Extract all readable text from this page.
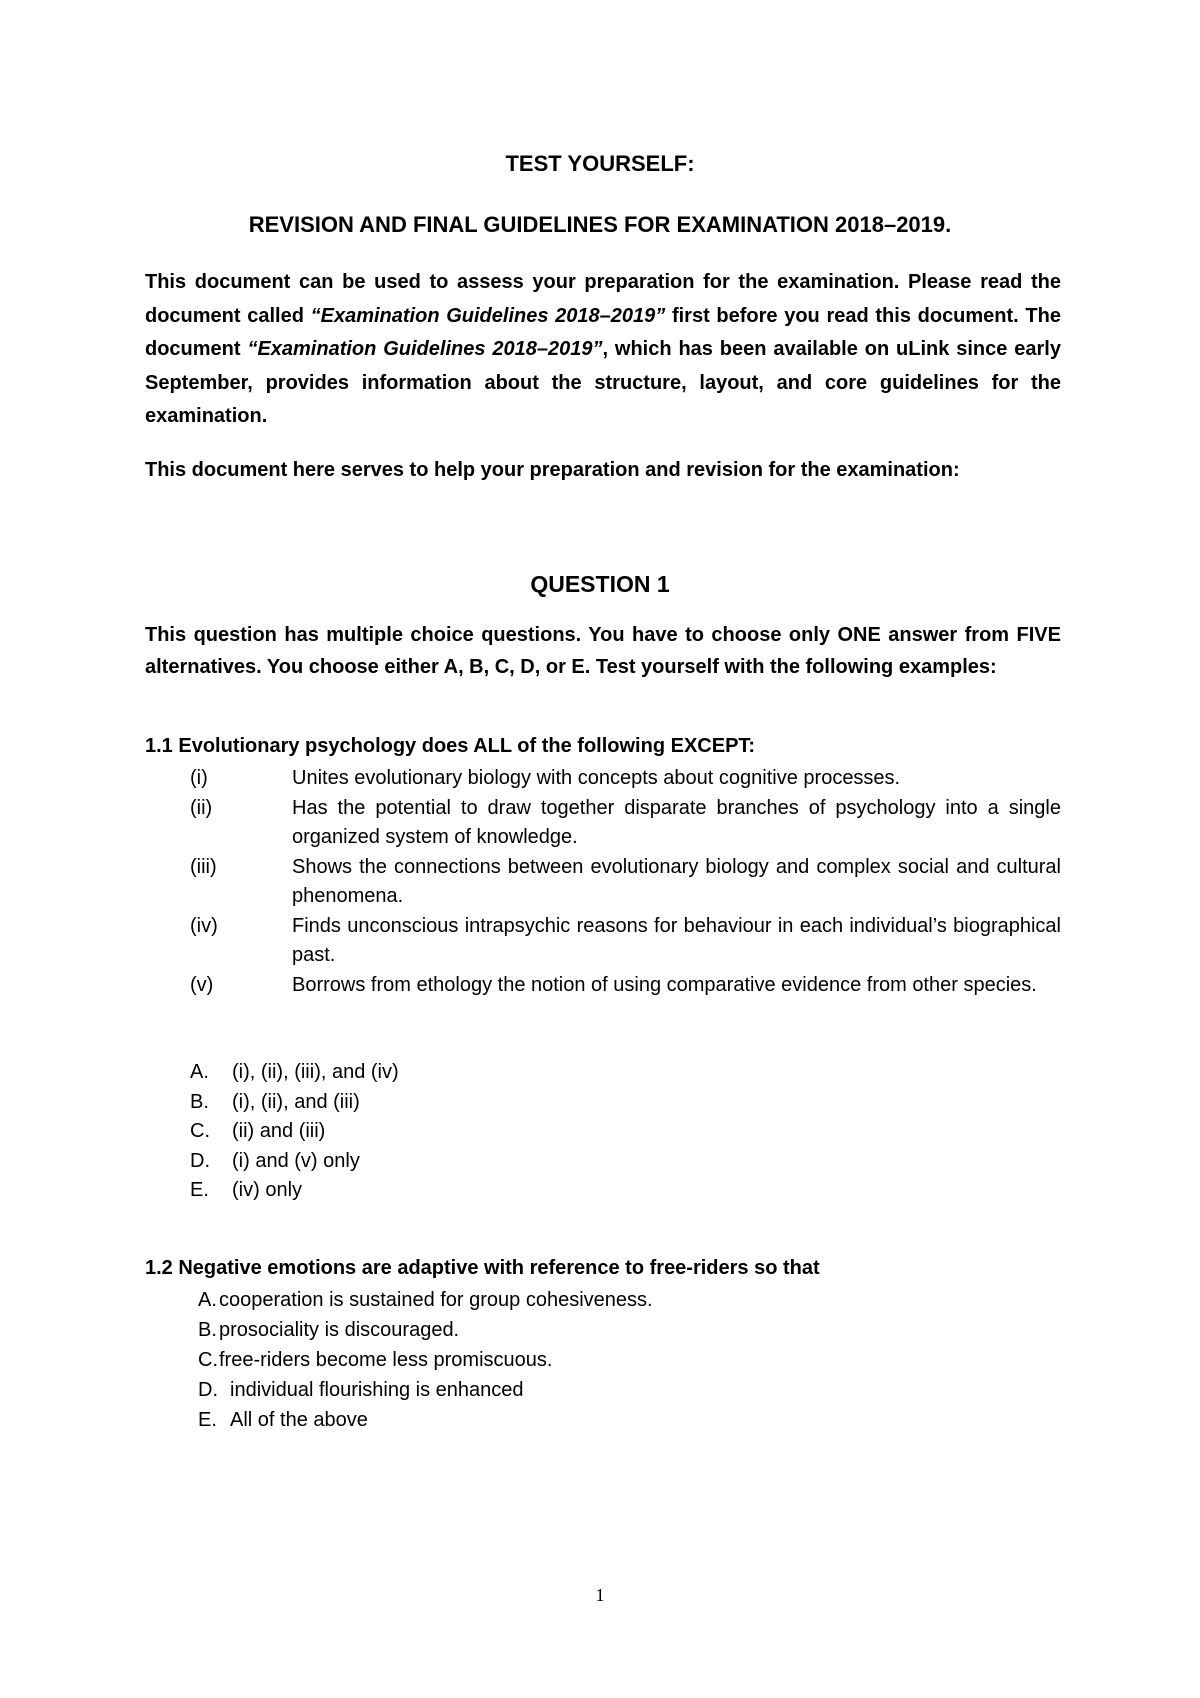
TEST YOURSELF:
REVISION AND FINAL GUIDELINES FOR EXAMINATION 2018–2019.
This document can be used to assess your preparation for the examination. Please read the document called “Examination Guidelines 2018–2019” first before you read this document. The document “Examination Guidelines 2018–2019”, which has been available on uLink since early September, provides information about the structure, layout, and core guidelines for the examination.
This document here serves to help your preparation and revision for the examination:
QUESTION 1
This question has multiple choice questions. You have to choose only ONE answer from FIVE alternatives. You choose either A, B, C, D, or E. Test yourself with the following examples:
1.1 Evolutionary psychology does ALL of the following EXCEPT:
(i)	Unites evolutionary biology with concepts about cognitive processes.
(ii)	Has the potential to draw together disparate branches of psychology into a single organized system of knowledge.
(iii)	Shows the connections between evolutionary biology and complex social and cultural phenomena.
(iv)	Finds unconscious intrapsychic reasons for behaviour in each individual’s biographical past.
(v)	Borrows from ethology the notion of using comparative evidence from other species.
A.	(i), (ii), (iii), and (iv)
B.	(i), (ii), and (iii)
C.	(ii) and (iii)
D.	(i) and (v) only
E.	(iv) only
1.2 Negative emotions are adaptive with reference to free-riders so that
A. cooperation is sustained for group cohesiveness.
B. prosociality is discouraged.
C.free-riders become less promiscuous.
D. individual flourishing is enhanced
E. All of the above
1
